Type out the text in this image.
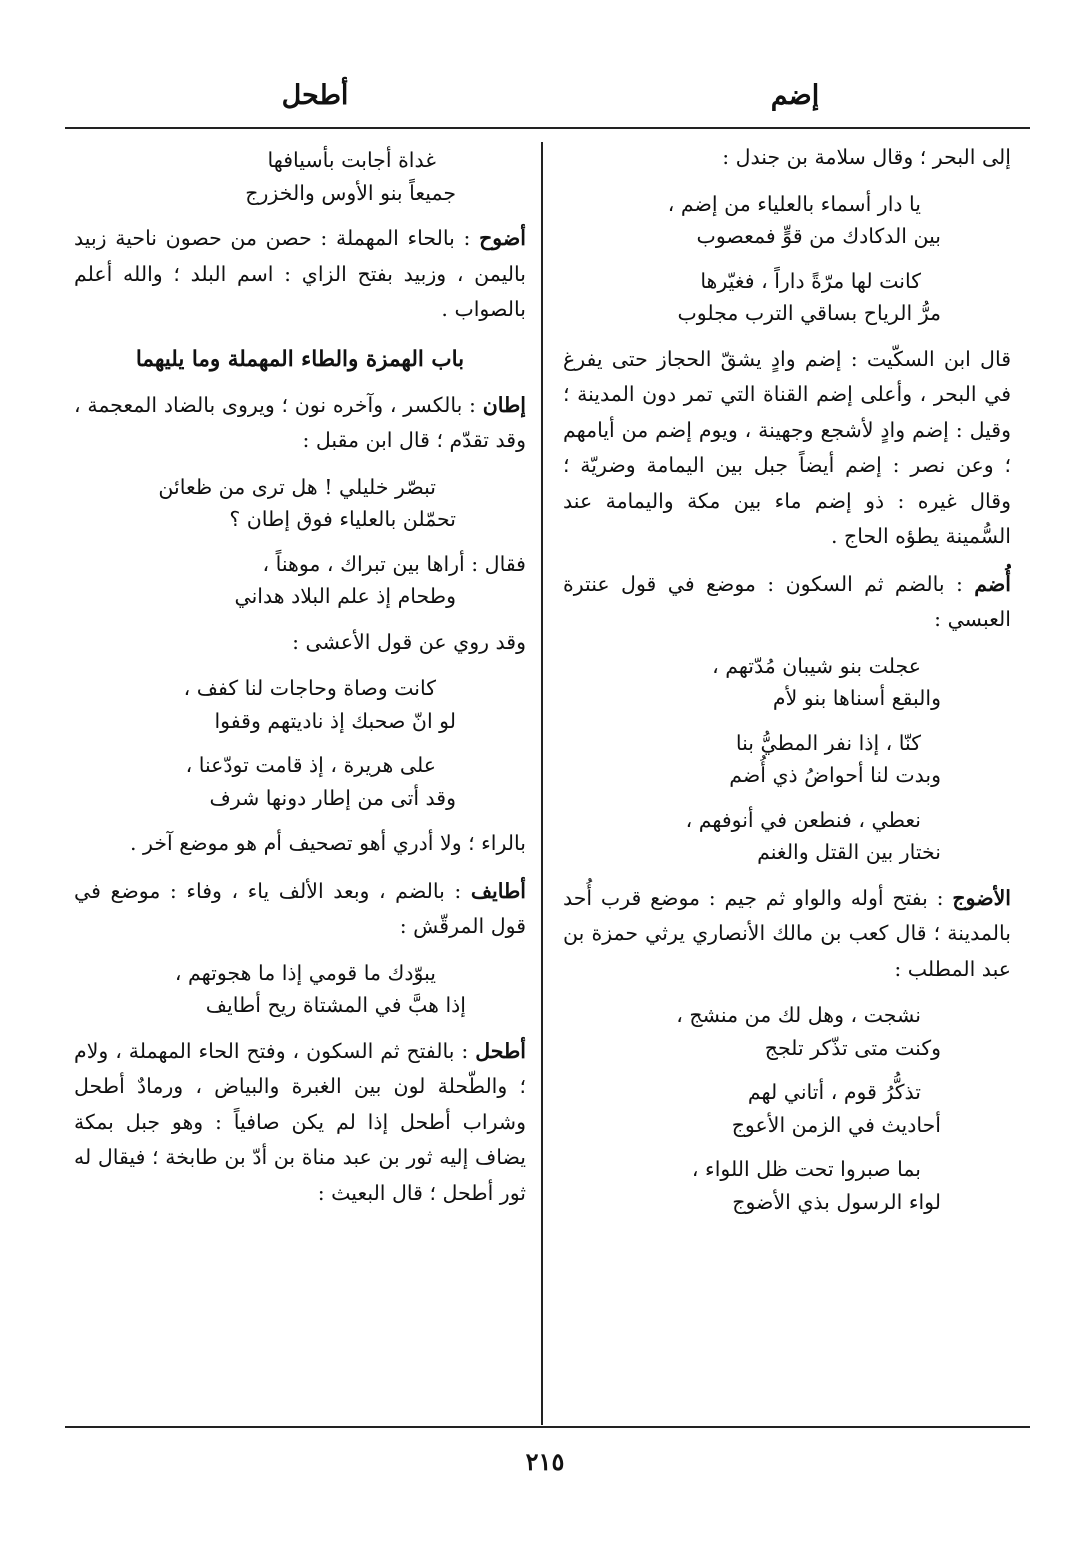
إضم
أطحل

إلى البحر ؛ وقال سلامة بن جندل :

يا دار أسماء بالعلياء من إضم ،
بين الدكادك من قوٍّ فمعصوب
كانت لها مرّةً داراً ، فغيّرها
مرُّ الرياح بساقي الترب مجلوب

قال ابن السكّيت : إضم وادٍ يشقّ الحجاز حتى يفرغ في البحر ، وأعلى إضم القناة التي تمر دون المدينة ؛ وقيل : إضم وادٍ لأشجع وجهينة ، ويوم إضم من أيامهم ؛ وعن نصر : إضم أيضاً جبل بين اليمامة وضريّة ؛ وقال غيره : ذو إضم ماء بين مكة واليمامة عند السُّمينة يطؤه الحاج .

أُضم : بالضم ثم السكون : موضع في قول عنترة العبسي :

عجلت بنو شيبان مُدّتهم ،
والبقع أسناها بنو لأم
كنّا ، إذا نفر المطيُّ بنا
وبدت لنا أحواضُ ذي أُضم
نعطي ، فنطعن في أنوفهم ،
نختار بين القتل والغنم

الأضوج : بفتح أوله والواو ثم جيم : موضع قرب أُحد بالمدينة ؛ قال كعب بن مالك الأنصاري يرثي حمزة بن عبد المطلب :

نشجت ، وهل لك من منشج ،
وكنت متى تذّكر تلجج
تذكُّرُ قوم ، أتاني لهم
أحاديث في الزمن الأعوج
بما صبروا تحت ظل اللواء ،
لواء الرسول بذي الأضوج
غداة أجابت بأسيافها
جميعاً بنو الأوس والخزرج

أضوح : بالحاء المهملة : حصن من حصون ناحية زبيد باليمن ، وزبيد بفتح الزاي : اسم البلد ؛ والله أعلم بالصواب .

باب الهمزة والطاء المهملة وما يليهما

إطان : بالكسر ، وآخره نون ؛ ويروى بالضاد المعجمة ، وقد تقدّم ؛ قال ابن مقبل :

تبصّر خليلي ! هل ترى من ظعائن
تحمّلن بالعلياء فوق إطان ؟
فقال : أراها بين تبراك ، موهناً ،
وطحام إذ علم البلاد هداني

وقد روي عن قول الأعشى :

كانت وصاة وحاجات لنا كفف ،
لو انّ صحبك إذ ناديتهم وقفوا
على هريرة ، إذ قامت تودّعنا ،
وقد أتى من إطار دونها شرف

بالراء ؛ ولا أدري أهو تصحيف أم هو موضع آخر .

أطايف : بالضم ، وبعد الألف ياء ، وفاء : موضع في قول المرقّش :

يبوّدك ما قومي إذا ما هجوتهم ،
إذا هبَّ في المشتاة ريح أطايف

أطحل : بالفتح ثم السكون ، وفتح الحاء المهملة ، ولام ؛ والطّحلة لون بين الغبرة والبياض ، ورمادٌ أطحل وشراب أطحل إذا لم يكن صافياً : وهو جبل بمكة يضاف إليه ثور بن عبد مناة بن أدّ بن طابخة ؛ فيقال له ثور أطحل ؛ قال البعيث :

٢١٥
